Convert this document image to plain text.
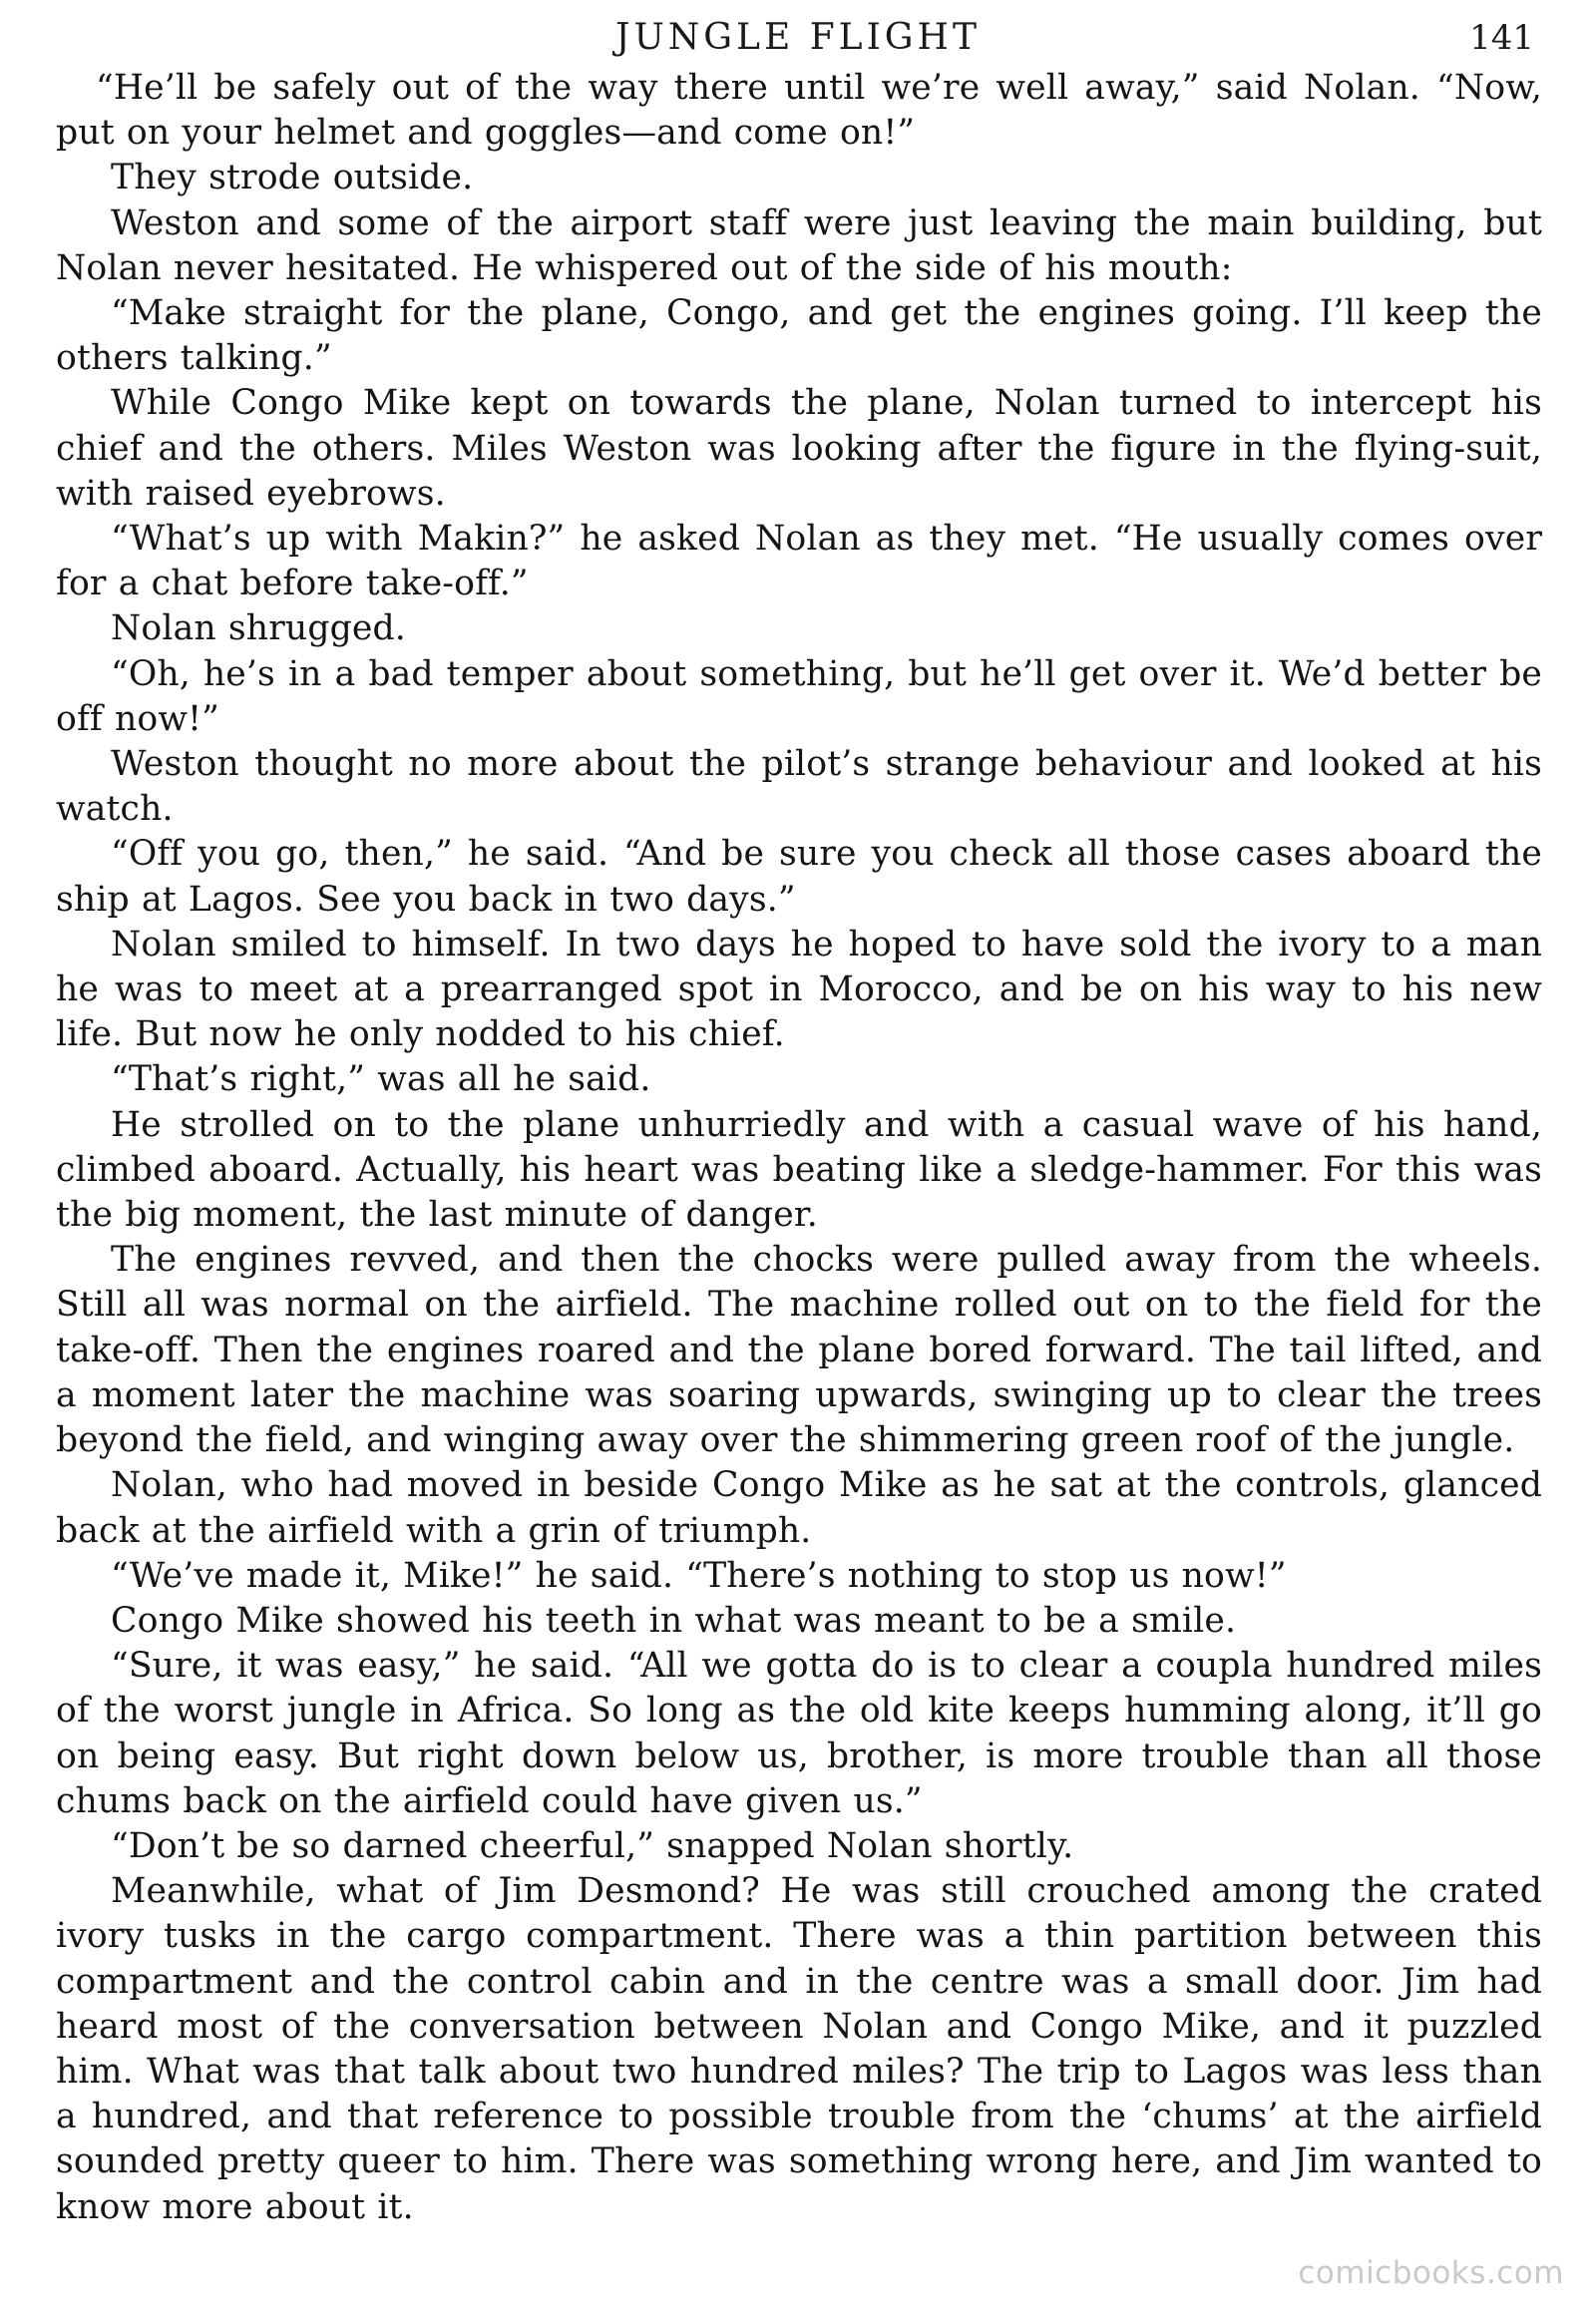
JUNGLE FLIGHT	141

“He’ll be safely out of the way there until we’re well away,” said Nolan. “Now, put on your helmet and goggles—and come on!”

They strode outside.

Weston and some of the airport staff were just leaving the main building, but Nolan never hesitated. He whispered out of the side of his mouth:

“Make straight for the plane, Congo, and get the engines going. I’ll keep the others talking.”

While Congo Mike kept on towards the plane, Nolan turned to intercept his chief and the others. Miles Weston was looking after the figure in the flying-suit, with raised eyebrows.

“What’s up with Makin?” he asked Nolan as they met. “He usually comes over for a chat before take-off.”

Nolan shrugged.

“Oh, he’s in a bad temper about something, but he’ll get over it. We’d better be off now!”

Weston thought no more about the pilot’s strange behaviour and looked at his watch.

“Off you go, then,” he said. “And be sure you check all those cases aboard the ship at Lagos. See you back in two days.”

Nolan smiled to himself. In two days he hoped to have sold the ivory to a man he was to meet at a prearranged spot in Morocco, and be on his way to his new life. But now he only nodded to his chief.

“That’s right,” was all he said.

He strolled on to the plane unhurriedly and with a casual wave of his hand, climbed aboard. Actually, his heart was beating like a sledge-hammer. For this was the big moment, the last minute of danger.

The engines revved, and then the chocks were pulled away from the wheels. Still all was normal on the airfield. The machine rolled out on to the field for the take-off. Then the engines roared and the plane bored forward. The tail lifted, and a moment later the machine was soaring upwards, swinging up to clear the trees beyond the field, and winging away over the shimmering green roof of the jungle.

Nolan, who had moved in beside Congo Mike as he sat at the controls, glanced back at the airfield with a grin of triumph.

“We’ve made it, Mike!” he said. “There’s nothing to stop us now!”

Congo Mike showed his teeth in what was meant to be a smile.

“Sure, it was easy,” he said. “All we gotta do is to clear a coupla hundred miles of the worst jungle in Africa. So long as the old kite keeps humming along, it’ll go on being easy. But right down below us, brother, is more trouble than all those chums back on the airfield could have given us.”

“Don’t be so darned cheerful,” snapped Nolan shortly.

Meanwhile, what of Jim Desmond? He was still crouched among the crated ivory tusks in the cargo compartment. There was a thin partition between this compartment and the control cabin and in the centre was a small door. Jim had heard most of the conversation between Nolan and Congo Mike, and it puzzled him. What was that talk about two hundred miles? The trip to Lagos was less than a hundred, and that reference to possible trouble from the ‘chums’ at the airfield sounded pretty queer to him. There was something wrong here, and Jim wanted to know more about it.

comicbooks.com
